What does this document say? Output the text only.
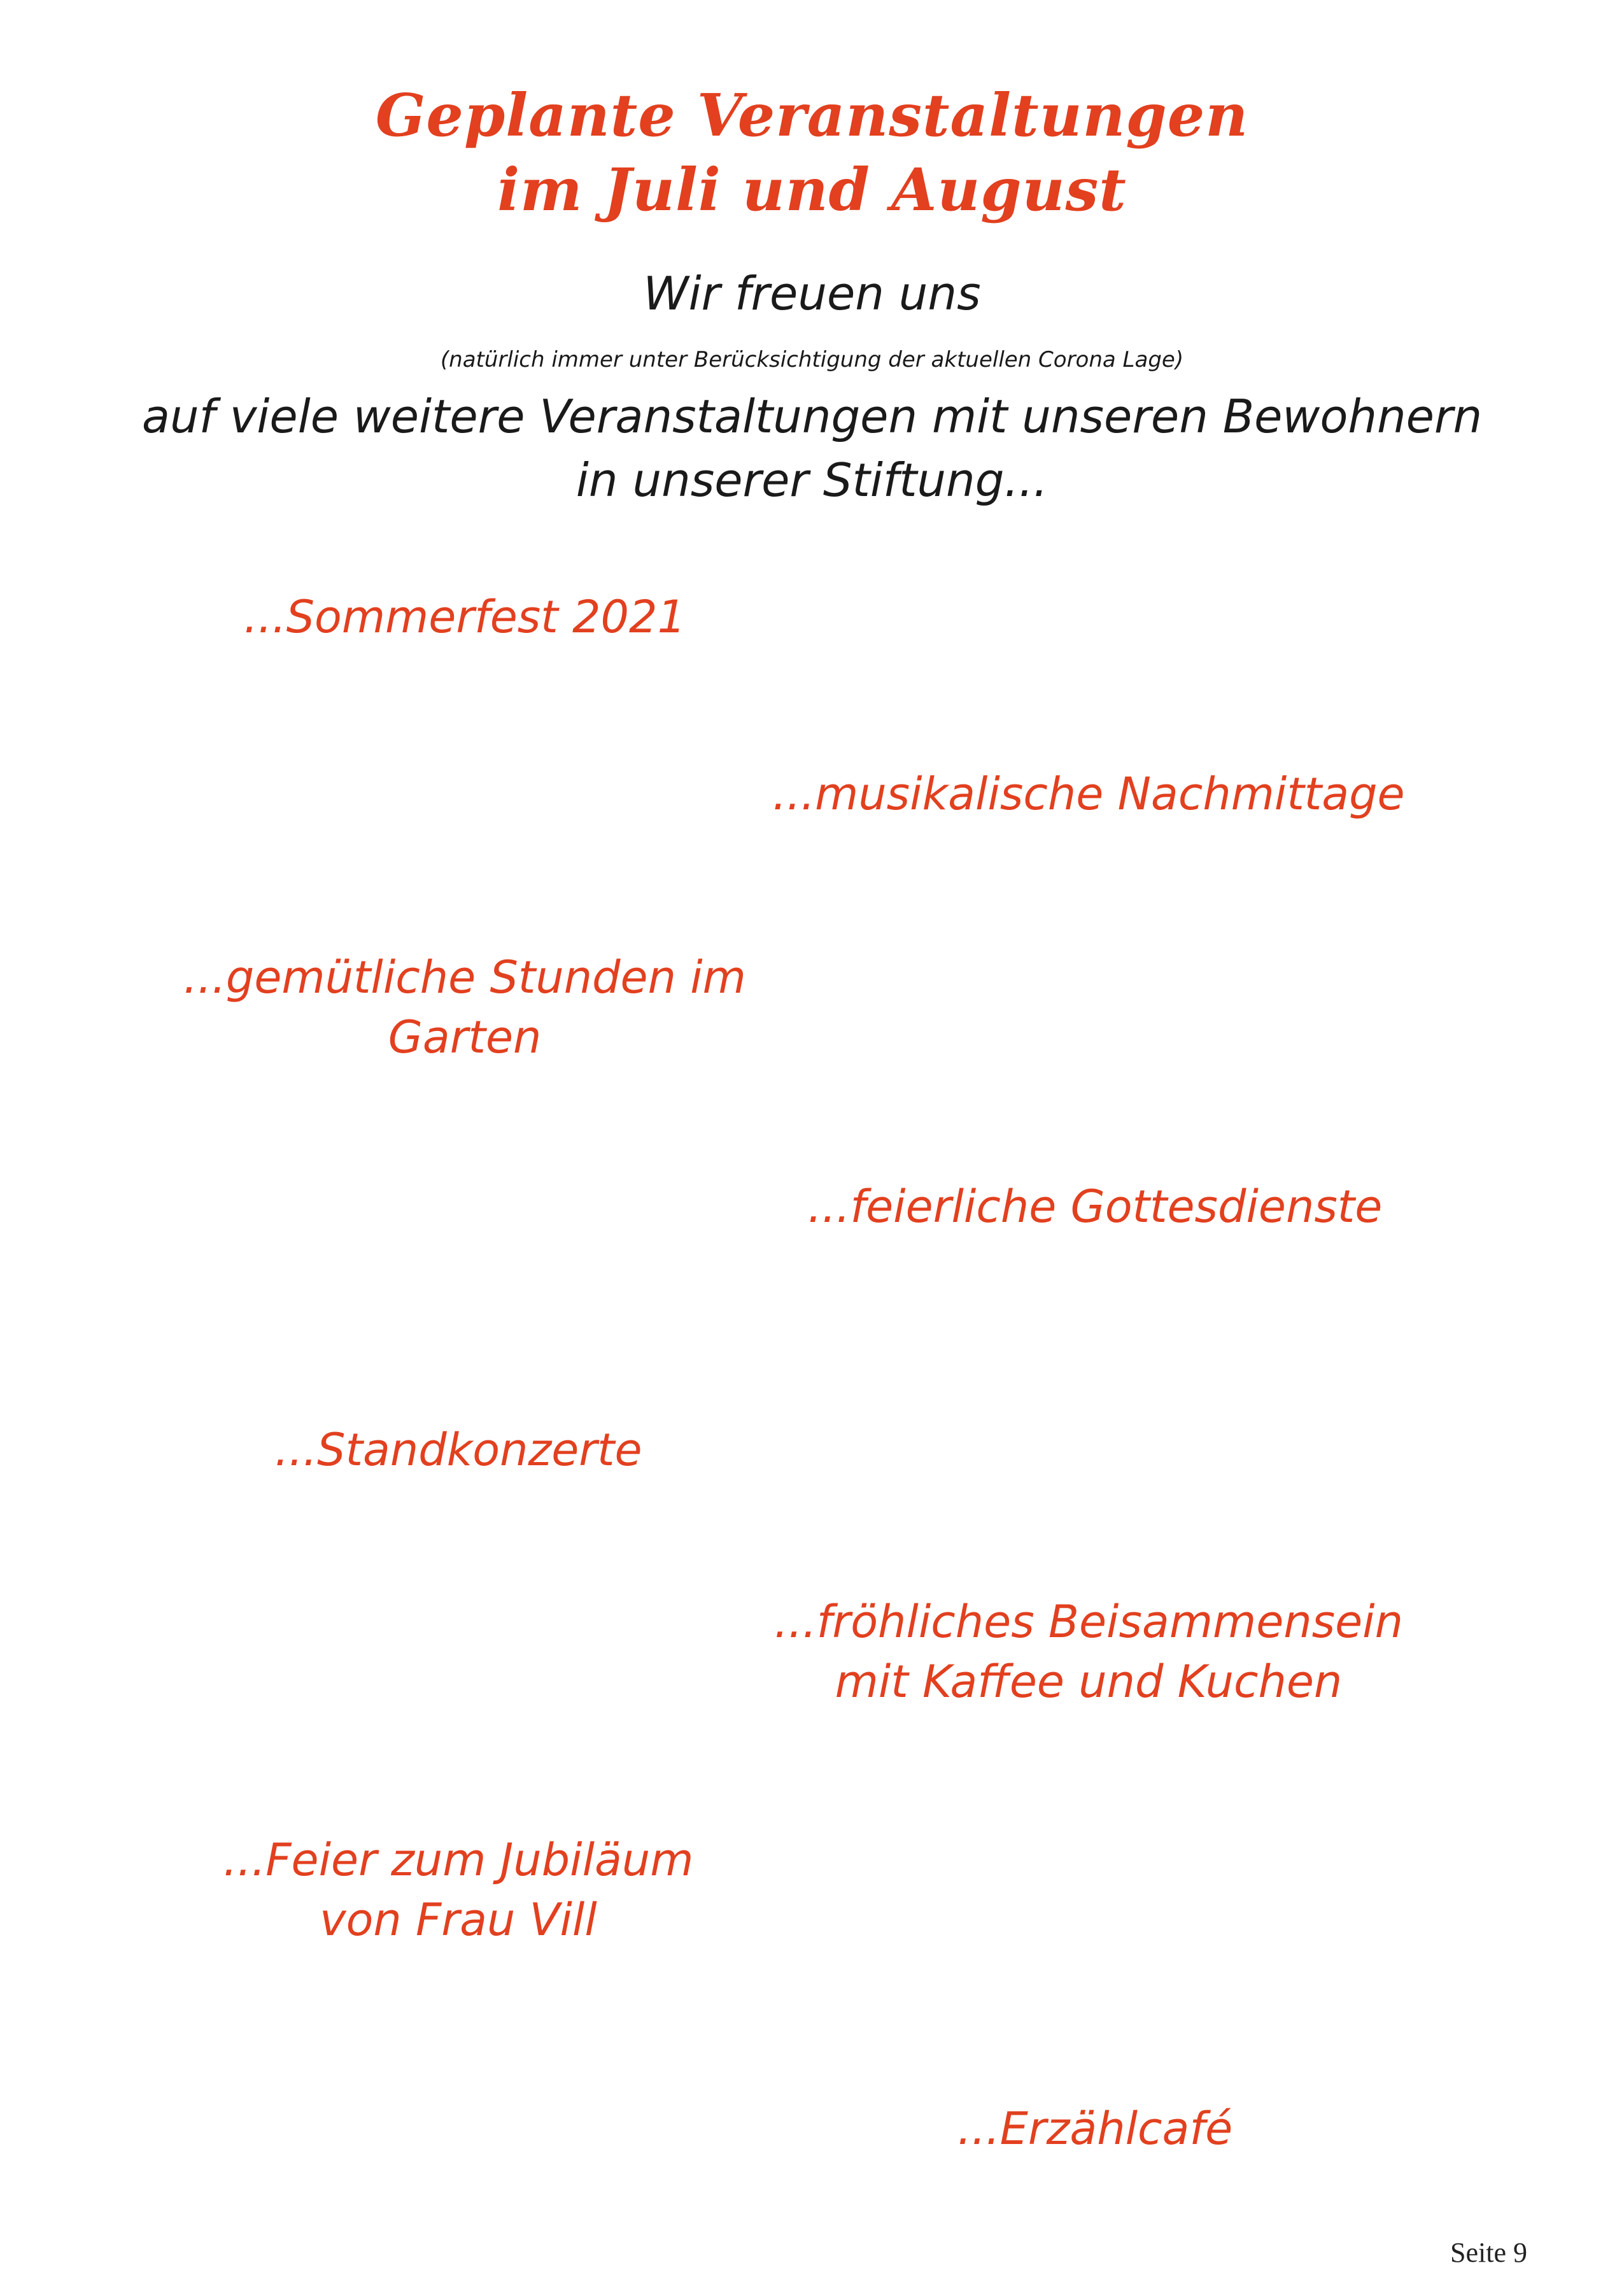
Geplante Veranstaltungen
im Juli und August

Wir freuen uns

(natürlich immer unter Berücksichtigung der aktuellen Corona Lage)

auf viele weitere Veranstaltungen mit unseren Bewohnern

in unserer Stiftung...

...Sommerfest 2021
...musikalische Nachmittage
...gemütliche Stunden im
Garten
...feierliche Gottesdienste
...Standkonzerte
...fröhliches Beisammensein
mit Kaffee und Kuchen
...Feier zum Jubiläum
von Frau Vill
...Erzählcafé

Seite 9
